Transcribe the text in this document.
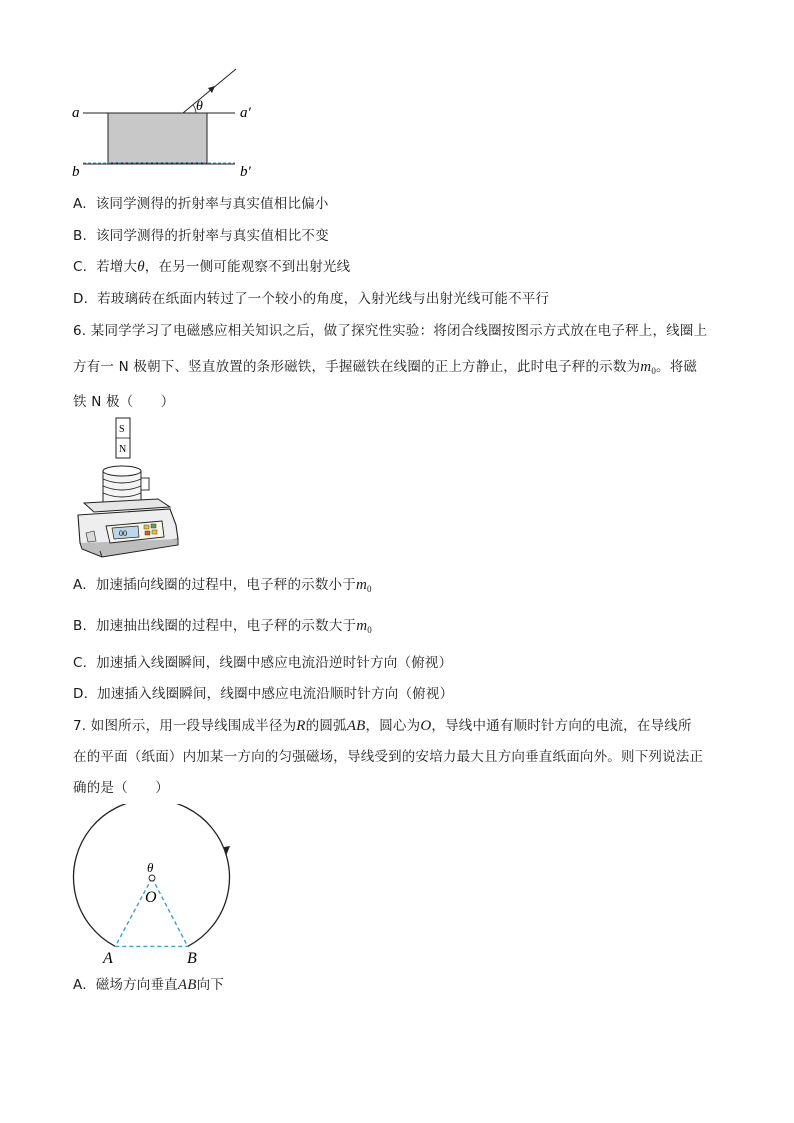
θ
a	a′
b	b′
A. 该同学测得的折射率与真实值相比偏小
B. 该同学测得的折射率与真实值相比不变
C. 若增大θ，在另一侧可能观察不到出射光线
D. 若玻璃砖在纸面内转过了一个较小的角度，入射光线与出射光线可能不平行
6. 某同学学习了电磁感应相关知识之后，做了探究性实验：将闭合线圈按图示方式放在电子秤上，线圈上
方有一 N 极朝下、竖直放置的条形磁铁，手握磁铁在线圈的正上方静止，此时电子秤的示数为$m_0$。将磁
铁 N 极（　　）
S
N
00
A. 加速插向线圈的过程中，电子秤的示数小于$m_0$
B. 加速抽出线圈的过程中，电子秤的示数大于$m_0$
C. 加速插入线圈瞬间，线圈中感应电流沿逆时针方向（俯视）
D. 加速插入线圈瞬间，线圈中感应电流沿顺时针方向（俯视）
7. 如图所示，用一段导线围成半径为R的圆弧AB，圆心为O，导线中通有顺时针方向的电流，在导线所
在的平面（纸面）内加某一方向的匀强磁场，导线受到的安培力最大且方向垂直纸面向外。则下列说法正
确的是（　　）
θ
O
A	B
A. 磁场方向垂直AB向下
